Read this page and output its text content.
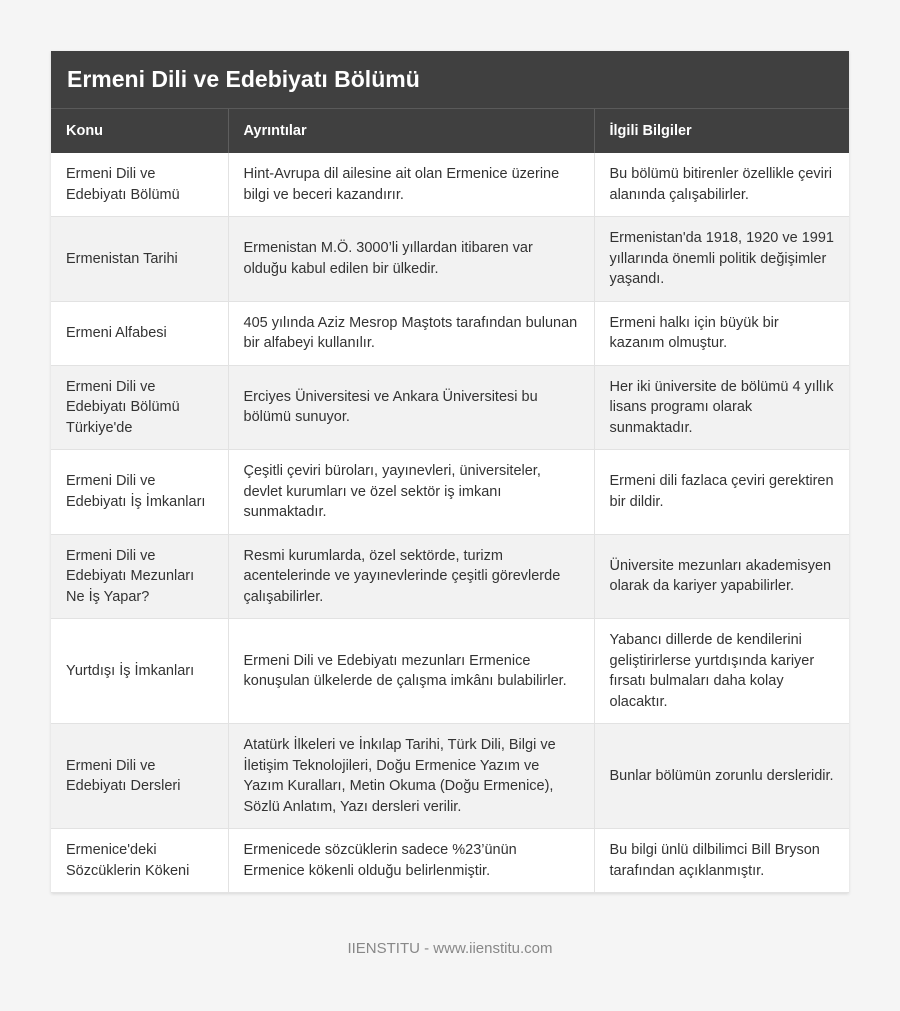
Ermeni Dili ve Edebiyatı Bölümü
Konu	Ayrıntılar	İlgili Bilgiler
Ermeni Dili ve Edebiyatı Bölümü	Hint-Avrupa dil ailesine ait olan Ermenice üzerine bilgi ve beceri kazandırır.	Bu bölümü bitirenler özellikle çeviri alanında çalışabilirler.
Ermenistan Tarihi	Ermenistan M.Ö. 3000’li yıllardan itibaren var olduğu kabul edilen bir ülkedir.	Ermenistan'da 1918, 1920 ve 1991 yıllarında önemli politik değişimler yaşandı.
Ermeni Alfabesi	405 yılında Aziz Mesrop Maştots tarafından bulunan bir alfabeyi kullanılır.	Ermeni halkı için büyük bir kazanım olmuştur.
Ermeni Dili ve Edebiyatı Bölümü Türkiye'de	Erciyes Üniversitesi ve Ankara Üniversitesi bu bölümü sunuyor.	Her iki üniversite de bölümü 4 yıllık lisans programı olarak sunmaktadır.
Ermeni Dili ve Edebiyatı İş İmkanları	Çeşitli çeviri büroları, yayınevleri, üniversiteler, devlet kurumları ve özel sektör iş imkanı sunmaktadır.	Ermeni dili fazlaca çeviri gerektiren bir dildir.
Ermeni Dili ve Edebiyatı Mezunları Ne İş Yapar?	Resmi kurumlarda, özel sektörde, turizm acentelerinde ve yayınevlerinde çeşitli görevlerde çalışabilirler.	Üniversite mezunları akademisyen olarak da kariyer yapabilirler.
Yurtdışı İş İmkanları	Ermeni Dili ve Edebiyatı mezunları Ermenice konuşulan ülkelerde de çalışma imkânı bulabilirler.	Yabancı dillerde de kendilerini geliştirirlerse yurtdışında kariyer fırsatı bulmaları daha kolay olacaktır.
Ermeni Dili ve Edebiyatı Dersleri	Atatürk İlkeleri ve İnkılap Tarihi, Türk Dili, Bilgi ve İletişim Teknolojileri, Doğu Ermenice Yazım ve Yazım Kuralları, Metin Okuma (Doğu Ermenice), Sözlü Anlatım, Yazı dersleri verilir.	Bunlar bölümün zorunlu dersleridir.
Ermenice'deki Sözcüklerin Kökeni	Ermenicede sözcüklerin sadece %23’ünün Ermenice kökenli olduğu belirlenmiştir.	Bu bilgi ünlü dilbilimci Bill Bryson tarafından açıklanmıştır.
IIENSTITU - www.iienstitu.com
